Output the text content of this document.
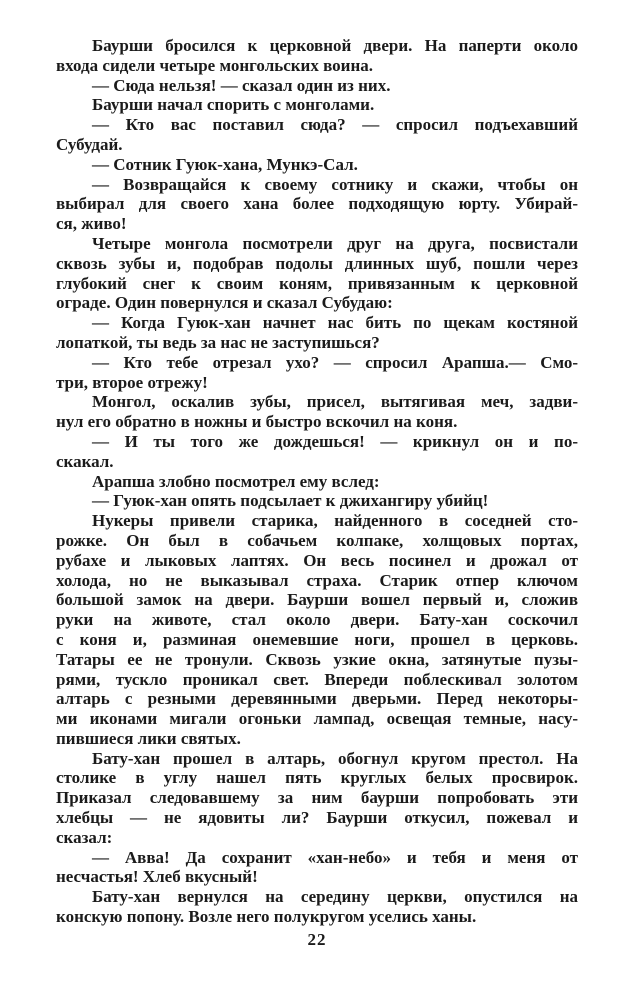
Баурши бросился к церковной двери. На паперти около
входа сидели четыре монгольских воина.
— Сюда нельзя! — сказал один из них.
Баурши начал спорить с монголами.
— Кто вас поставил сюда? — спросил подъехавший
Субудай.
— Сотник Гуюк-хана, Мункэ-Сал.
— Возвращайся к своему сотнику и скажи, чтобы он
выбирал для своего хана более подходящую юрту. Убирай-
ся, живо!
Четыре монгола посмотрели друг на друга, посвистали
сквозь зубы и, подобрав подолы длинных шуб, пошли через
глубокий снег к своим коням, привязанным к церковной
ограде. Один повернулся и сказал Субудаю:
— Когда Гуюк-хан начнет нас бить по щекам костяной
лопаткой, ты ведь за нас не заступишься?
— Кто тебе отрезал ухо? — спросил Арапша.— Смо-
три, второе отрежу!
Монгол, оскалив зубы, присел, вытягивая меч, задви-
нул его обратно в ножны и быстро вскочил на коня.
— И ты того же дождешься! — крикнул он и по-
скакал.
Арапша злобно посмотрел ему вслед:
— Гуюк-хан опять подсылает к джихангиру убийц!
Нукеры привели старика, найденного в соседней сто-
рожке. Он был в собачьем колпаке, холщовых портах,
рубахе и лыковых лаптях. Он весь посинел и дрожал от
холода, но не выказывал страха. Старик отпер ключом
большой замок на двери. Баурши вошел первый и, сложив
руки на животе, стал около двери. Бату-хан соскочил
с коня и, разминая онемевшие ноги, прошел в церковь.
Татары ее не тронули. Сквозь узкие окна, затянутые пузы-
рями, тускло проникал свет. Впереди поблескивал золотом
алтарь с резными деревянными дверьми. Перед некоторы-
ми иконами мигали огоньки лампад, освещая темные, насу-
пившиеся лики святых.
Бату-хан прошел в алтарь, обогнул кругом престол. На
столике в углу нашел пять круглых белых просвирок.
Приказал следовавшему за ним баурши попробовать эти
хлебцы — не ядовиты ли? Баурши откусил, пожевал и
сказал:
— Авва! Да сохранит «хан-небо» и тебя и меня от
несчастья! Хлеб вкусный!
Бату-хан вернулся на середину церкви, опустился на
конскую попону. Возле него полукругом уселись ханы.
22
